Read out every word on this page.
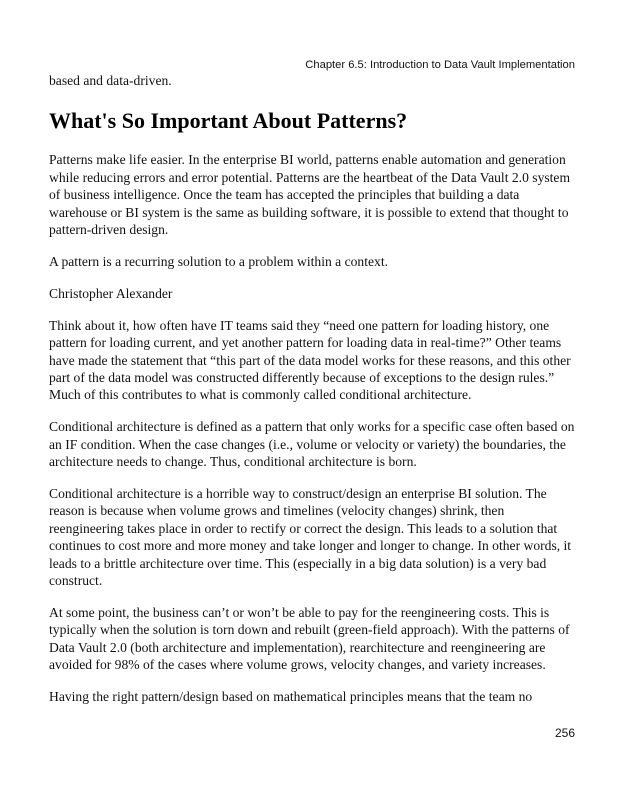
Chapter 6.5: Introduction to Data Vault Implementation

based and data-driven.

What's So Important About Patterns?

Patterns make life easier. In the enterprise BI world, patterns enable automation and generation while reducing errors and error potential. Patterns are the heartbeat of the Data Vault 2.0 system of business intelligence. Once the team has accepted the principles that building a data warehouse or BI system is the same as building software, it is possible to extend that thought to pattern-driven design.

A pattern is a recurring solution to a problem within a context.

Christopher Alexander

Think about it, how often have IT teams said they “need one pattern for loading history, one pattern for loading current, and yet another pattern for loading data in real-time?” Other teams have made the statement that “this part of the data model works for these reasons, and this other part of the data model was constructed differently because of exceptions to the design rules.” Much of this contributes to what is commonly called conditional architecture.

Conditional architecture is defined as a pattern that only works for a specific case often based on an IF condition. When the case changes (i.e., volume or velocity or variety) the boundaries, the architecture needs to change. Thus, conditional architecture is born.

Conditional architecture is a horrible way to construct/design an enterprise BI solution. The reason is because when volume grows and timelines (velocity changes) shrink, then reengineering takes place in order to rectify or correct the design. This leads to a solution that continues to cost more and more money and take longer and longer to change. In other words, it leads to a brittle architecture over time. This (especially in a big data solution) is a very bad construct.

At some point, the business can’t or won’t be able to pay for the reengineering costs. This is typically when the solution is torn down and rebuilt (green-field approach). With the patterns of Data Vault 2.0 (both architecture and implementation), rearchitecture and reengineering are avoided for 98% of the cases where volume grows, velocity changes, and variety increases.

Having the right pattern/design based on mathematical principles means that the team no

256
